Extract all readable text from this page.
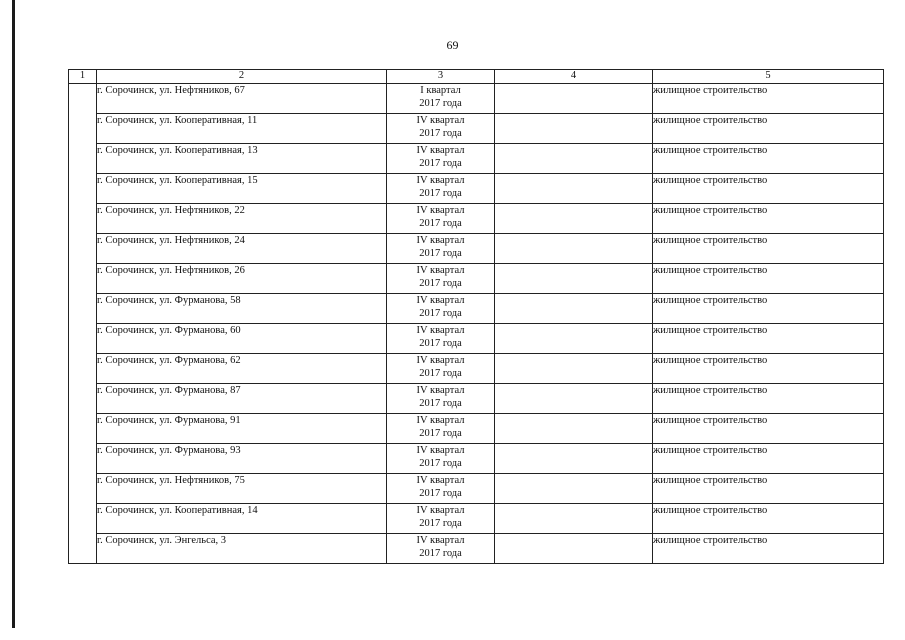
69
1	2	3	4	5
	г. Сорочинск, ул. Нефтяников, 67	I квартал
2017 года		жилищное строительство
	г. Сорочинск, ул. Кооперативная, 11	IV квартал
2017 года		жилищное строительство
	г. Сорочинск, ул. Кооперативная, 13	IV квартал
2017 года		жилищное строительство
	г. Сорочинск, ул. Кооперативная, 15	IV квартал
2017 года		жилищное строительство
	г. Сорочинск, ул. Нефтяников, 22	IV квартал
2017 года		жилищное строительство
	г. Сорочинск, ул. Нефтяников, 24	IV квартал
2017 года		жилищное строительство
	г. Сорочинск, ул. Нефтяников, 26	IV квартал
2017 года		жилищное строительство
	г. Сорочинск, ул. Фурманова, 58	IV квартал
2017 года		жилищное строительство
	г. Сорочинск, ул. Фурманова, 60	IV квартал
2017 года		жилищное строительство
	г. Сорочинск, ул. Фурманова, 62	IV квартал
2017 года		жилищное строительство
	г. Сорочинск, ул. Фурманова, 87	IV квартал
2017 года		жилищное строительство
	г. Сорочинск, ул. Фурманова, 91	IV квартал
2017 года		жилищное строительство
	г. Сорочинск, ул. Фурманова, 93	IV квартал
2017 года		жилищное строительство
	г. Сорочинск, ул. Нефтяников, 75	IV квартал
2017 года		жилищное строительство
	г. Сорочинск, ул. Кооперативная, 14	IV квартал
2017 года		жилищное строительство
	г. Сорочинск, ул. Энгельса, 3	IV квартал
2017 года		жилищное строительство
